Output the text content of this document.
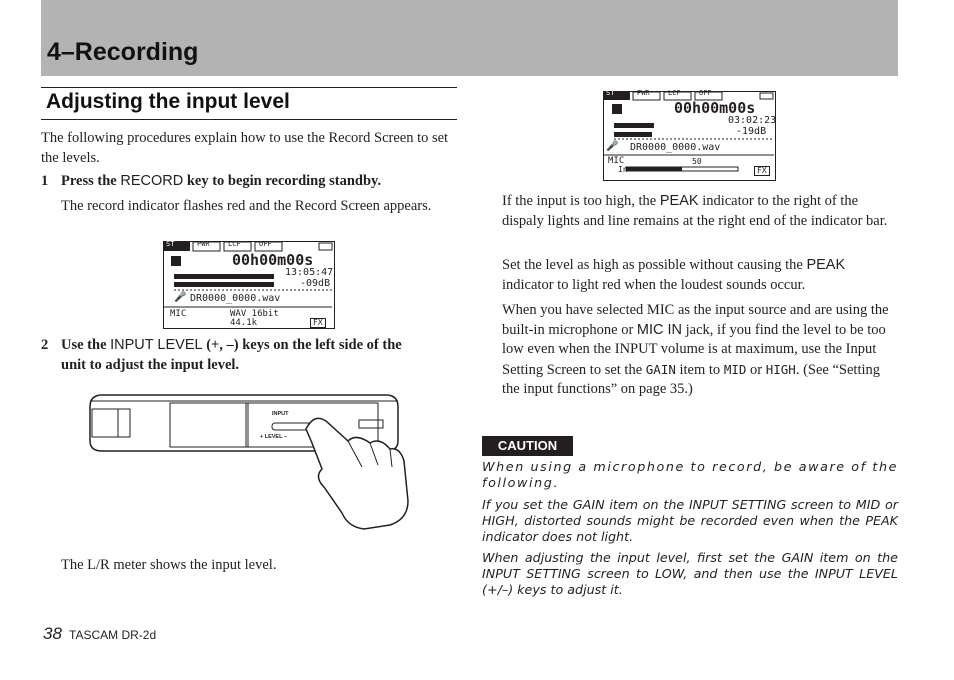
4–Recording
Adjusting the input level

The following procedures explain how to use the Record Screen to set the levels.

1 Press the RECORD key to begin recording standby.

The record indicator flashes red and the Record Screen appears.

ST	PWR	LCF	OFF
00h00m00s
13:05:47
-09dB
🎤 DR0000_0000.wav
MIC	WAV 16bit
44.1k	FX
2 Use the INPUT LEVEL (+, –) keys on the left side of the
unit to adjust the input level.
INPUT
+ LEVEL –

The L/R meter shows the input level.

ST	PWR	LCF	OFF
00h00m00s
03:02:23
-19dB
🎤 DR0000_0000.wav
MIC
In
50
FX

If the input is too high, the PEAK indicator to the right of the dispaly lights and line remains at the right end of the indicator bar.

Set the level as high as possible without causing the PEAK indicator to light red when the loudest sounds occur.

When you have selected MIC as the input source and are using the built-in microphone or MIC IN jack, if you find the level to be too low even when the INPUT volume is at maximum, use the Input Setting Screen to set the GAIN item to MID or HIGH. (See “Setting the input functions” on page 35.)

CAUTION

When using a microphone to record, be aware of the following.

If you set the GAIN item on the INPUT SETTING screen to MID or HIGH, distorted sounds might be recorded even when the PEAK indicator does not light.

When adjusting the input level, first set the GAIN item on the INPUT SETTING screen to LOW, and then use the INPUT LEVEL (+/–) keys to adjust it.

38 TASCAM DR-2d
